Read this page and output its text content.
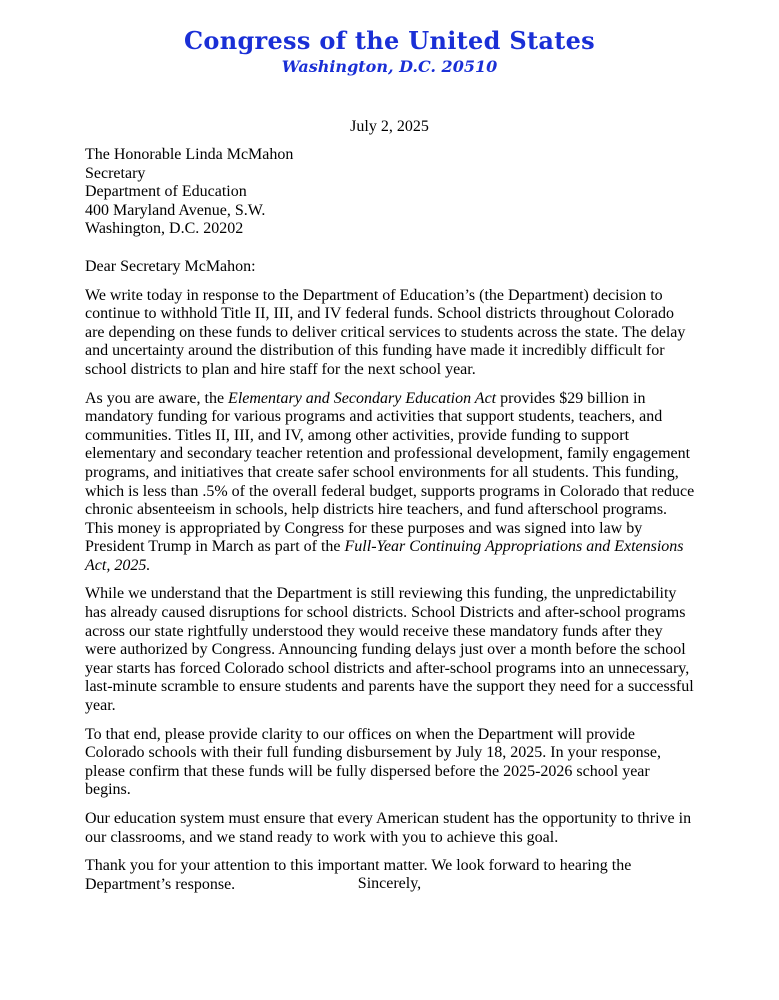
Congress of the United States
Washington, D.C. 20510
July 2, 2025
The Honorable Linda McMahon
Secretary
Department of Education
400 Maryland Avenue, S.W.
Washington, D.C. 20202
Dear Secretary McMahon:
We write today in response to the Department of Education’s (the Department) decision to continue to withhold Title II, III, and IV federal funds. School districts throughout Colorado are depending on these funds to deliver critical services to students across the state. The delay and uncertainty around the distribution of this funding have made it incredibly difficult for school districts to plan and hire staff for the next school year.
As you are aware, the Elementary and Secondary Education Act provides $29 billion in mandatory funding for various programs and activities that support students, teachers, and communities. Titles II, III, and IV, among other activities, provide funding to support elementary and secondary teacher retention and professional development, family engagement programs, and initiatives that create safer school environments for all students. This funding, which is less than .5% of the overall federal budget, supports programs in Colorado that reduce chronic absenteeism in schools, help districts hire teachers, and fund afterschool programs. This money is appropriated by Congress for these purposes and was signed into law by President Trump in March as part of the Full-Year Continuing Appropriations and Extensions Act, 2025.
While we understand that the Department is still reviewing this funding, the unpredictability has already caused disruptions for school districts. School Districts and after-school programs across our state rightfully understood they would receive these mandatory funds after they were authorized by Congress. Announcing funding delays just over a month before the school year starts has forced Colorado school districts and after-school programs into an unnecessary, last-minute scramble to ensure students and parents have the support they need for a successful year.
To that end, please provide clarity to our offices on when the Department will provide Colorado schools with their full funding disbursement by July 18, 2025. In your response, please confirm that these funds will be fully dispersed before the 2025-2026 school year begins.
Our education system must ensure that every American student has the opportunity to thrive in our classrooms, and we stand ready to work with you to achieve this goal.
Thank you for your attention to this important matter. We look forward to hearing the Department’s response.	Sincerely,
